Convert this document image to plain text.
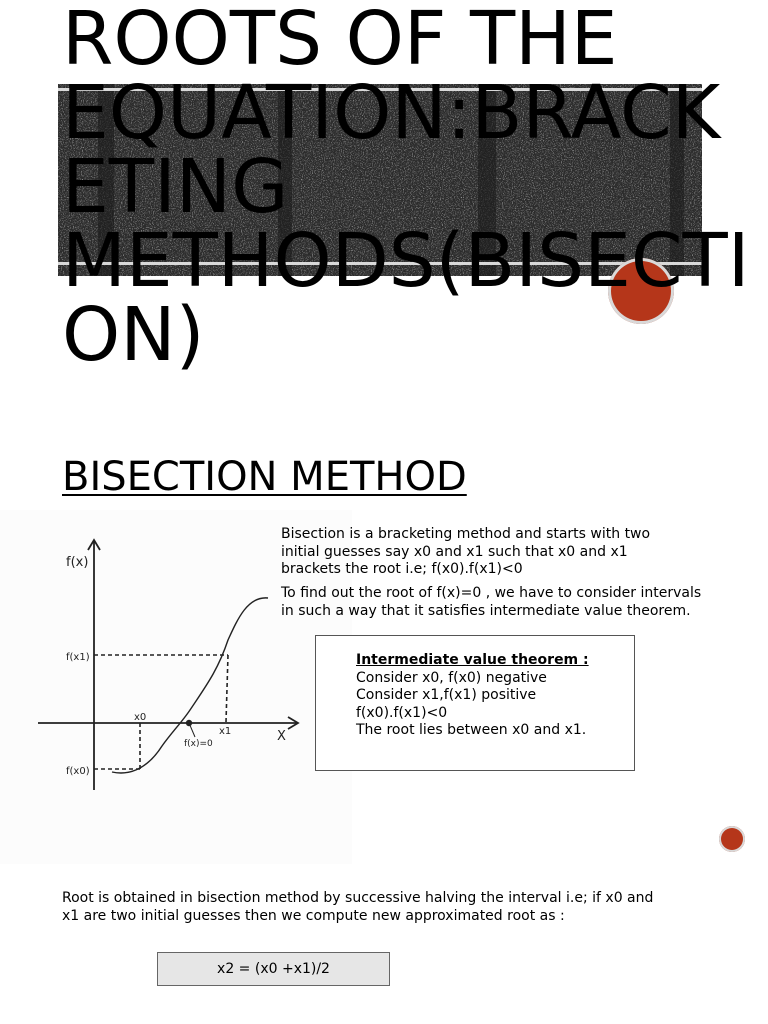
ROOTS OF THE
EQUATION:BRACK
ETING
METHODS(BISECTI
ON)
BISECTION METHOD
f(x)
X
f(x1)
f(x0)
x0
x1
f(x)=0

Bisection is a bracketing method and starts with two
initial guesses say x0 and x1 such that x0 and x1
brackets the root i.e; f(x0).f(x1)<0

To find out the root of f(x)=0 , we have to consider intervals
in such a way that it satisfies intermediate value theorem.

Intermediate value theorem :
Consider x0, f(x0) negative
Consider x1,f(x1) positive
f(x0).f(x1)<0
The root lies between x0 and x1.

Root is obtained in bisection method by successive halving the interval i.e; if x0 and
x1 are two initial guesses then we compute new approximated root as :

x2 = (x0 +x1)/2
